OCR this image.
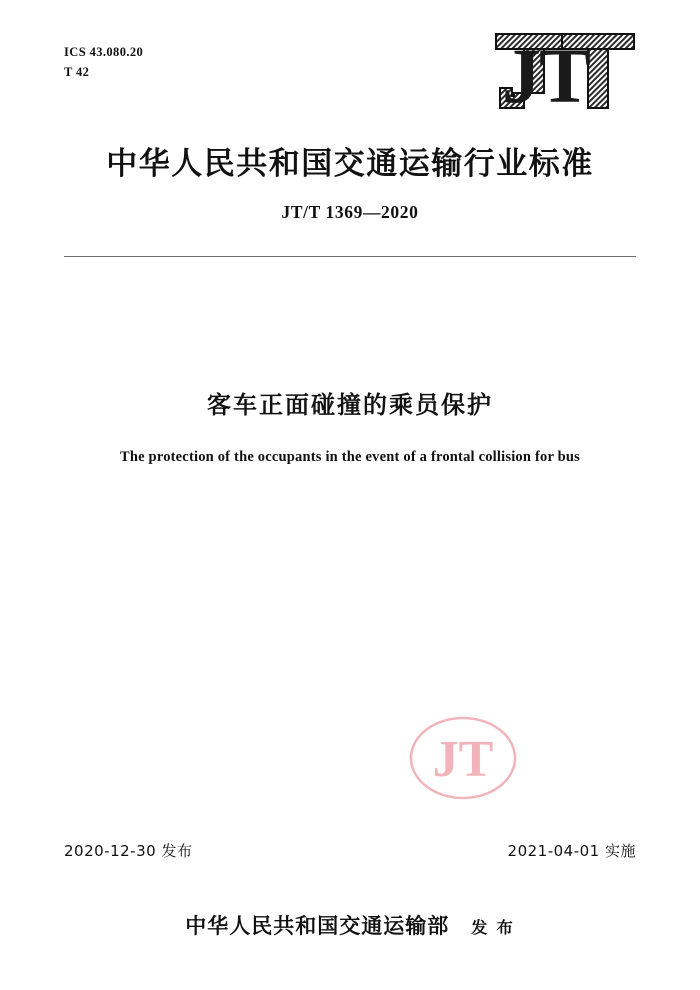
ICS 43.080.20
T 42	JT
中华人民共和国交通运输行业标准
JT/T 1369—2020
客车正面碰撞的乘员保护
The protection of the occupants in the event of a frontal collision for bus
JT
2020-12-30 发布	2021-04-01 实施
中华人民共和国交通运输部 发 布
